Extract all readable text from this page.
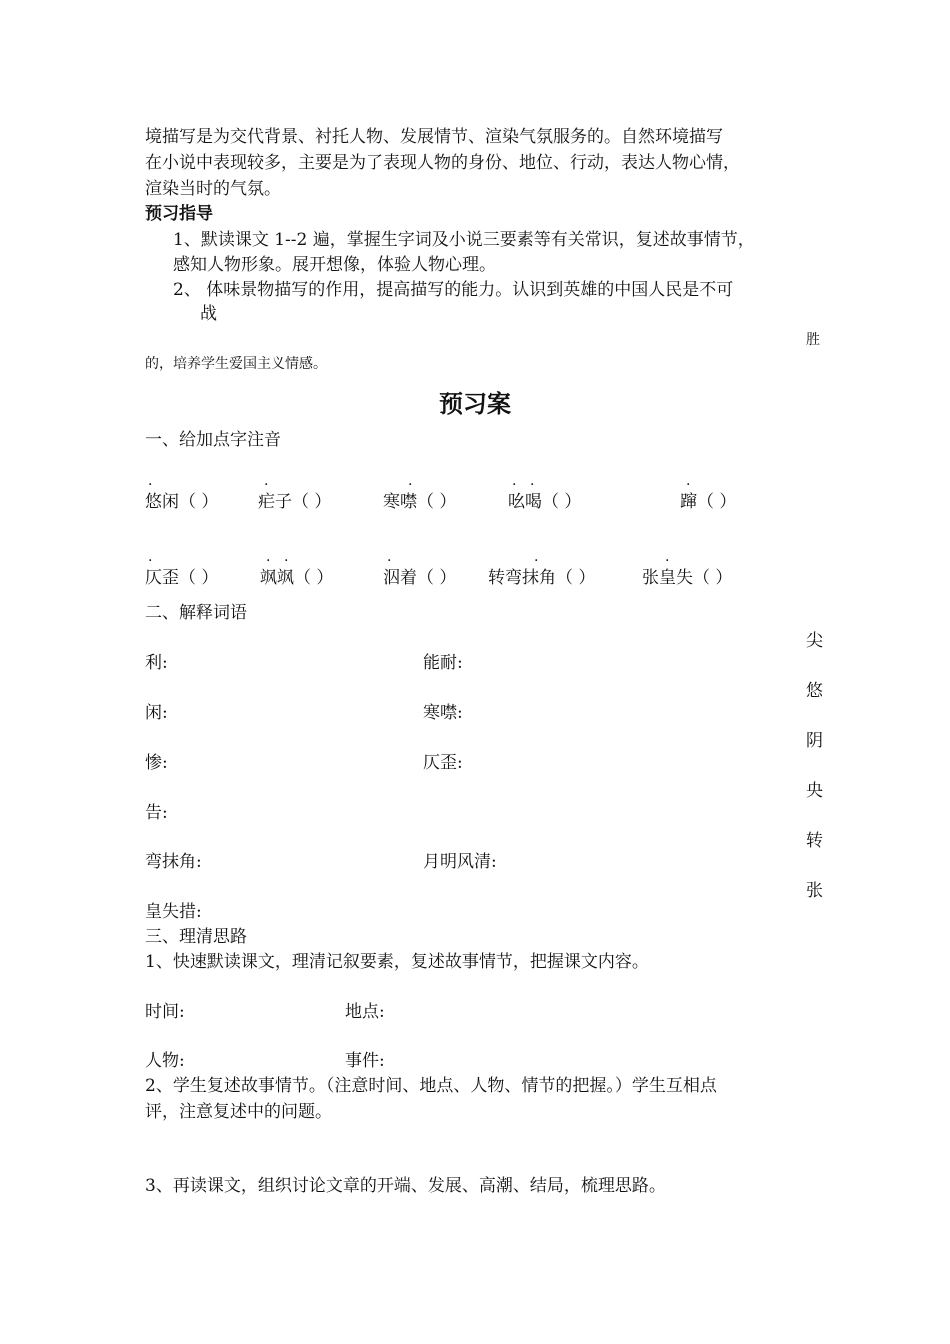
境描写是为交代背景、衬托人物、发展情节、渲染气氛服务的。自然环境描写
在小说中表现较多，主要是为了表现人物的身份、地位、行动，表达人物心情，
渲染当时的气氛。
预习指导
1、默读课文 1--2 遍，掌握生字词及小说三要素等有关常识，复述故事情节，
感知人物形象。展开想像，体验人物心理。
2、 体味景物描写的作用，提高描写的能力。认识到英雄的中国人民是不可
战
胜
的，培养学生爱国主义情感。
预习案
一、给加点字注音
.	.	.	. .	.
悠闲（ ） 疟子（ ）	寒噤（ ）	吆喝（ ）	蹿（ ）
.	. .	.	.	.
仄歪（ ） 飒飒（ ）	泅着（ ） 转弯抹角（ ）	张皇失（ ）
二、解释词语
尖
悠
阴
央
转
张
利:	能耐:
闲:	寒噤:
惨:	仄歪:
告:
弯抹角:	月明风清:
皇失措:
三、理清思路
1、快速默读课文，理清记叙要素，复述故事情节，把握课文内容。
时间:	地点:
人物:	事件:
2、学生复述故事情节。（注意时间、地点、人物、情节的把握。）学生互相点
评，注意复述中的问题。
3、再读课文，组织讨论文章的开端、发展、高潮、结局，梳理思路。
